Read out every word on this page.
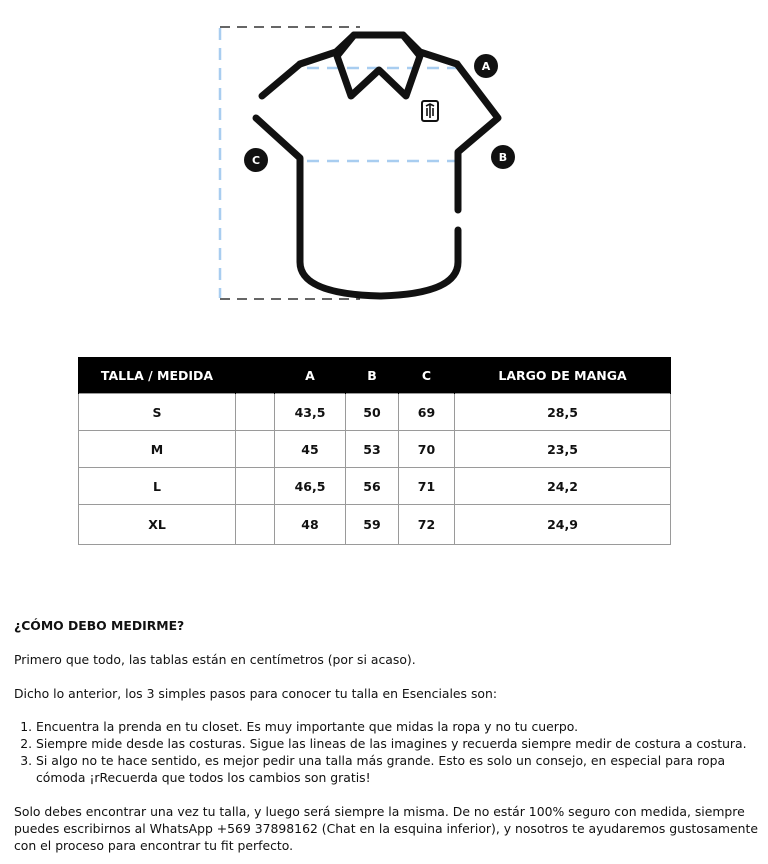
A
B
C
TALLA / MEDIDA		A	B	C	LARGO DE MANGA
S		43,5	50	69	28,5
M		45	53	70	23,5
L		46,5	56	71	24,2
XL		48	59	72	24,9

¿CÓMO DEBO MEDIRME?

Primero que todo, las tablas están en centímetros (por si acaso).

Dicho lo anterior, los 3 simples pasos para conocer tu talla en Esenciales son:

1. Encuentra la prenda en tu closet. Es muy importante que midas la ropa y no tu cuerpo.
2. Siempre mide desde las costuras. Sigue las lineas de las imagines y recuerda siempre medir de costura a costura.
3. Si algo no te hace sentido, es mejor pedir una talla más grande. Esto es solo un consejo, en especial para ropa cómoda ¡rRecuerda que todos los cambios son gratis!

Solo debes encontrar una vez tu talla, y luego será siempre la misma. De no estár 100% seguro con medida, siempre puedes escribirnos al WhatsApp +569 37898162 (Chat en la esquina inferior), y nosotros te ayudaremos gustosamente con el proceso para encontrar tu fit perfecto.
